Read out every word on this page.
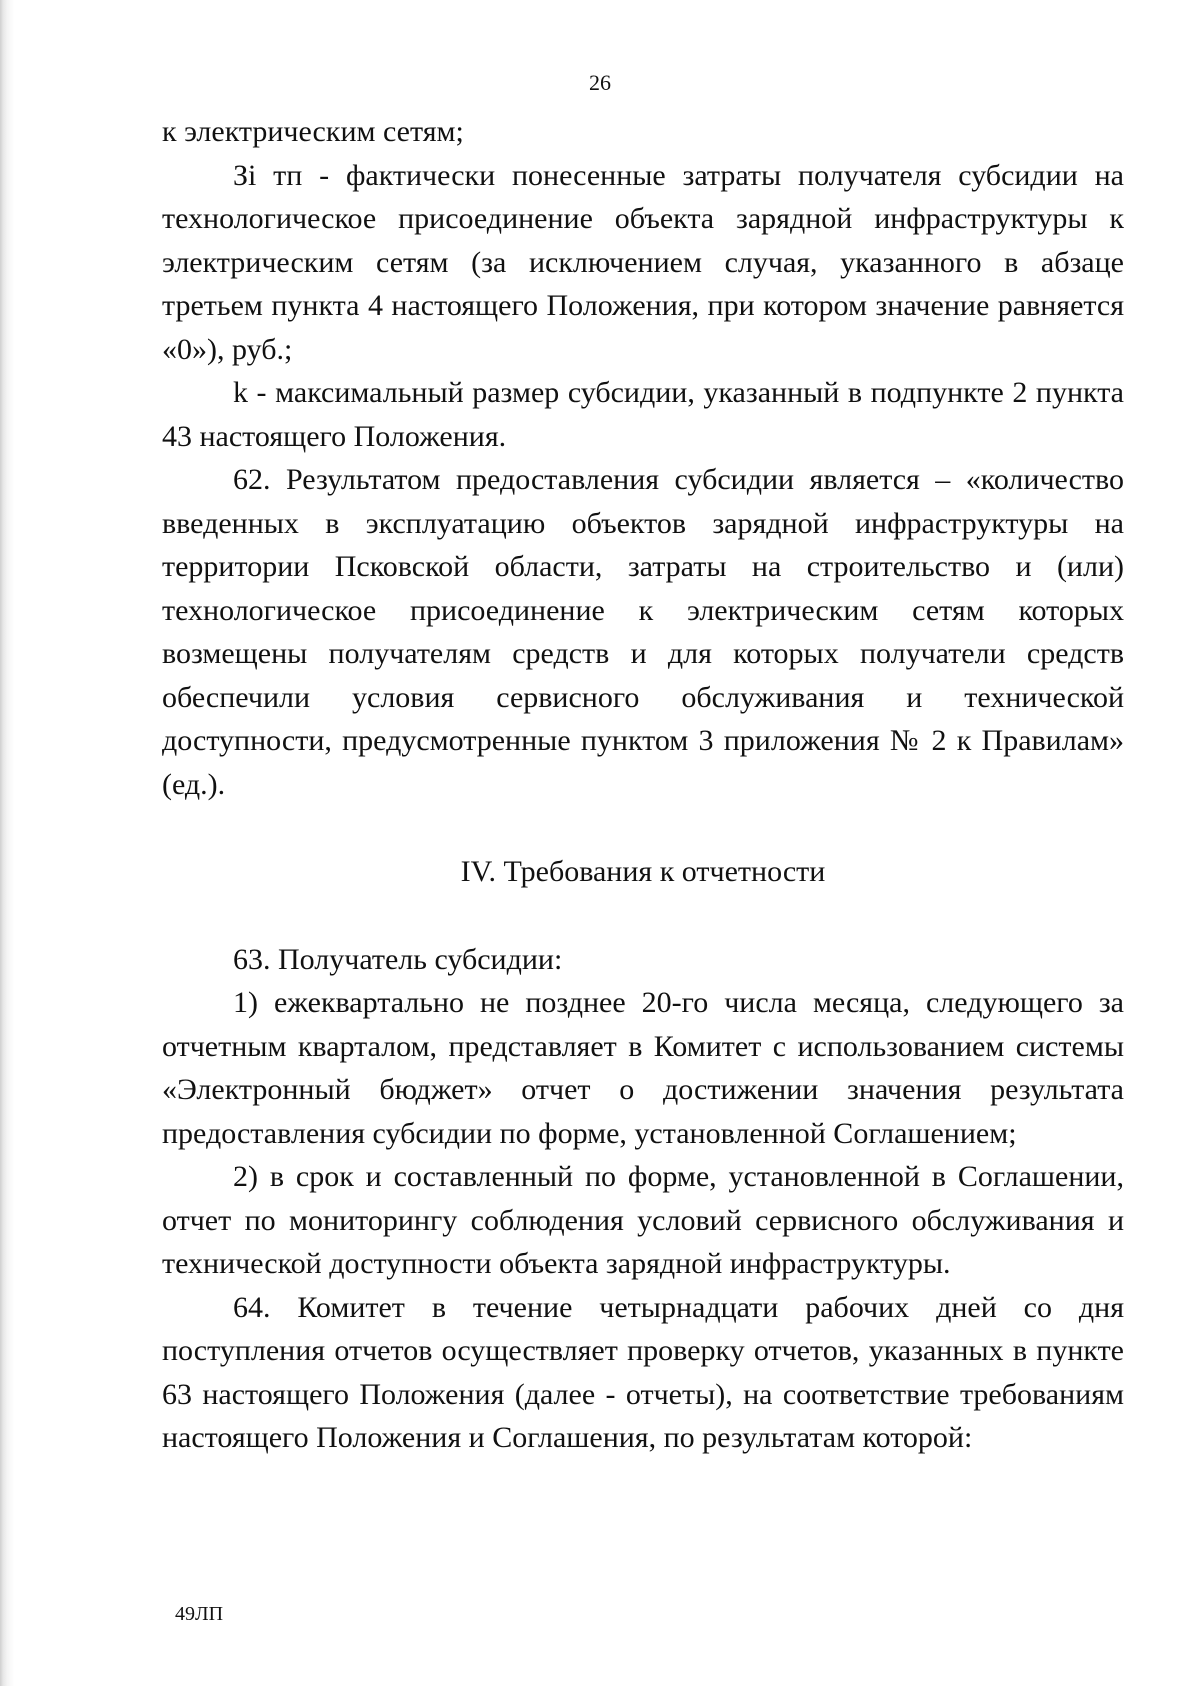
26

к электрическим сетям;

Зi тп - фактически понесенные затраты получателя субсидии на технологическое присоединение объекта зарядной инфраструктуры к электрическим сетям (за исключением случая, указанного в абзаце третьем пункта 4 настоящего Положения, при котором значение равняется «0»), руб.;

k - максимальный размер субсидии, указанный в подпункте 2 пункта 43 настоящего Положения.

62. Результатом предоставления субсидии является – «количество введенных в эксплуатацию объектов зарядной инфраструктуры на территории Псковской области, затраты на строительство и (или) технологическое присоединение к электрическим сетям которых возмещены получателям средств и для которых получатели средств обеспечили условия сервисного обслуживания и технической доступности, предусмотренные пунктом 3 приложения № 2 к Правилам» (ед.).

IV. Требования к отчетности

63. Получатель субсидии:

1) ежеквартально не позднее 20-го числа месяца, следующего за отчетным кварталом, представляет в Комитет с использованием системы «Электронный бюджет» отчет о достижении значения результата предоставления субсидии по форме, установленной Соглашением;

2) в срок и составленный по форме, установленной в Соглашении, отчет по мониторингу соблюдения условий сервисного обслуживания и технической доступности объекта зарядной инфраструктуры.

64. Комитет в течение четырнадцати рабочих дней со дня поступления отчетов осуществляет проверку отчетов, указанных в пункте 63 настоящего Положения (далее - отчеты), на соответствие требованиям настоящего Положения и Соглашения, по результатам которой:

49ЛП
